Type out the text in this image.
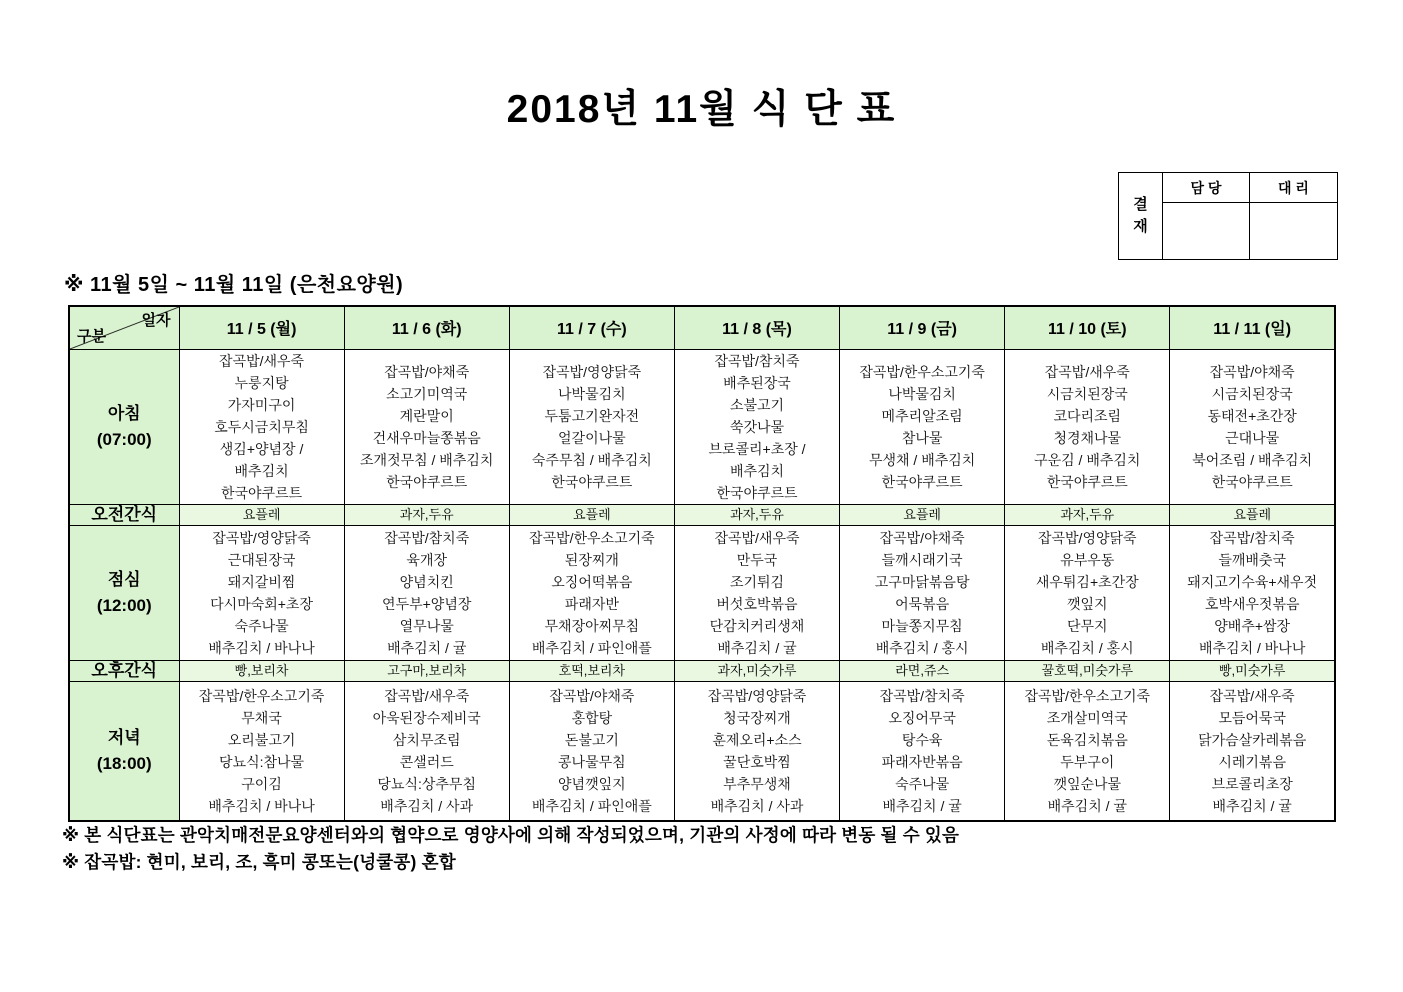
2018년 11월 식 단 표
결
재
담 당	대 리
※ 11월 5일 ~ 11월 11일 (은천요양원)
일자
구분	11 / 5 (월)	11 / 6 (화)	11 / 7 (수)	11 / 8 (목)	11 / 9 (금)	11 / 10 (토)	11 / 11 (일)

아침
(07:00)

잡곡밥/새우죽
누룽지탕
가자미구이
호두시금치무침
생김+양념장 /
배추김치
한국야쿠르트

잡곡밥/야채죽
소고기미역국
계란말이
건새우마늘쫑볶음
조개젓무침 / 배추김치
한국야쿠르트

잡곡밥/영양닭죽
나박물김치
두툼고기완자전
얼갈이나물
숙주무침 / 배추김치
한국야쿠르트

잡곡밥/참치죽
배추된장국
소불고기
쑥갓나물
브로콜리+초장 /
배추김치
한국야쿠르트

잡곡밥/한우소고기죽
나박물김치
메추리알조림
참나물
무생채 / 배추김치
한국야쿠르트

잡곡밥/새우죽
시금치된장국
코다리조림
청경채나물
구운김 / 배추김치
한국야쿠르트

잡곡밥/야채죽
시금치된장국
동태전+초간장
근대나물
북어조림 / 배추김치
한국야쿠르트

오전간식	요플레	과자,두유	요플레	과자,두유	요플레	과자,두유	요플레

점심
(12:00)

잡곡밥/영양닭죽
근대된장국
돼지갈비찜
다시마숙회+초장
숙주나물
배추김치 / 바나나

잡곡밥/참치죽
육개장
양념치킨
연두부+양념장
열무나물
배추김치 / 귤

잡곡밥/한우소고기죽
된장찌개
오징어떡볶음
파래자반
무채장아찌무침
배추김치 / 파인애플

잡곡밥/새우죽
만두국
조기튀김
버섯호박볶음
단감치커리생채
배추김치 / 귤

잡곡밥/야채죽
들깨시래기국
고구마닭볶음탕
어묵볶음
마늘쫑지무침
배추김치 / 홍시

잡곡밥/영양닭죽
유부우동
새우튀김+초간장
깻잎지
단무지
배추김치 / 홍시

잡곡밥/참치죽
들깨배춧국
돼지고기수육+새우젓
호박새우젓볶음
양배추+쌈장
배추김치 / 바나나

오후간식	빵,보리차	고구마,보리차	호떡,보리차	과자,미숫가루	라면,쥬스	꿀호떡,미숫가루	빵,미숫가루

저녁
(18:00)

잡곡밥/한우소고기죽
무채국
오리불고기
당뇨식:참나물
구이김
배추김치 / 바나나

잡곡밥/새우죽
아욱된장수제비국
삼치무조림
콘샐러드
당뇨식:상추무침
배추김치 / 사과

잡곡밥/야채죽
홍합탕
돈불고기
콩나물무침
양념깻잎지
배추김치 / 파인애플

잡곡밥/영양닭죽
청국장찌개
훈제오리+소스
꿀단호박찜
부추무생채
배추김치 / 사과

잡곡밥/참치죽
오징어무국
탕수육
파래자반볶음
숙주나물
배추김치 / 귤

잡곡밥/한우소고기죽
조개살미역국
돈육김치볶음
두부구이
깻잎순나물
배추김치 / 귤

잡곡밥/새우죽
모듬어묵국
닭가슴살카레볶음
시레기볶음
브로콜리초장
배추김치 / 귤
※ 본 식단표는 관악치매전문요양센터와의 협약으로 영양사에 의해 작성되었으며, 기관의 사정에 따라 변동 될 수 있음
※ 잡곡밥: 현미, 보리, 조, 흑미 콩또는(넝쿨콩) 혼합
